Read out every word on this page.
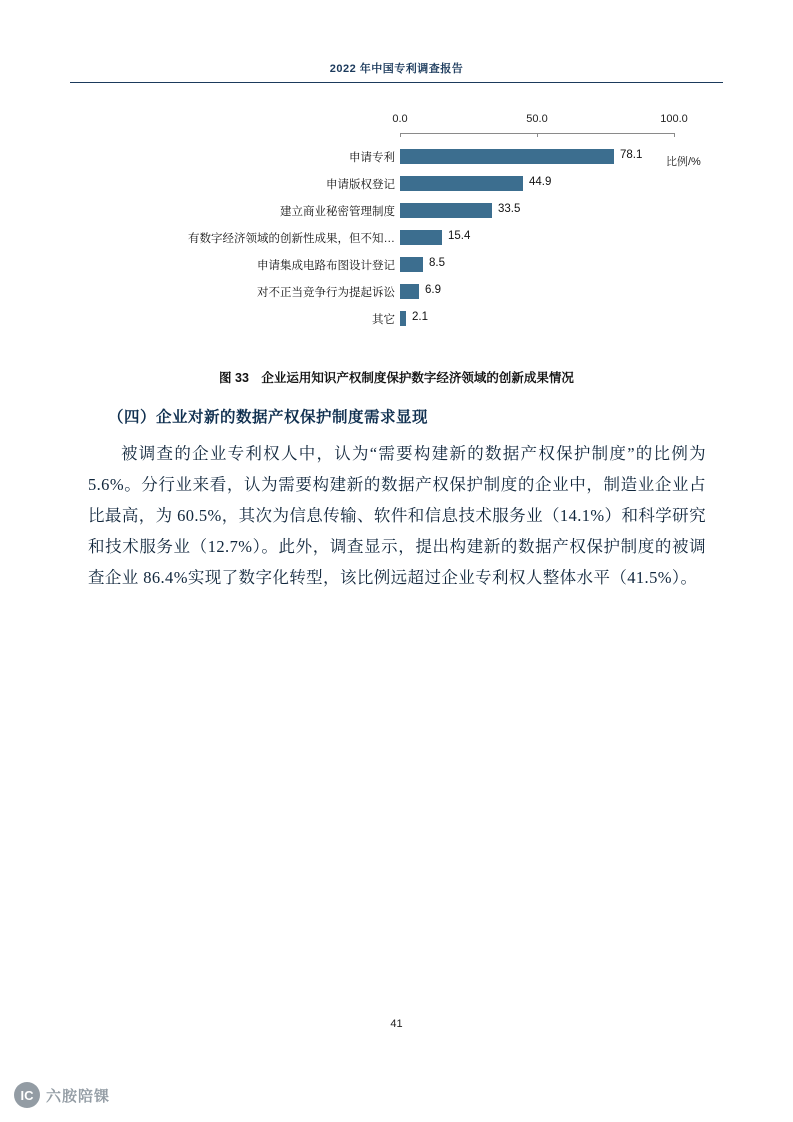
2022 年中国专利调查报告
0.0	50.0	100.0
比例/%
申请专利	78.1
申请版权登记	44.9
建立商业秘密管理制度	33.5
有数字经济领域的创新性成果，但不知…	15.4
申请集成电路布图设计登记	8.5
对不正当竞争行为提起诉讼	6.9
其它 2.1
图 33　企业运用知识产权制度保护数字经济领域的创新成果情况
（四）企业对新的数据产权保护制度需求显现
被调查的企业专利权人中，认为“需要构建新的数据产权保护制度”的比例为 5.6%。分行业来看，认为需要构建新的数据产权保护制度的企业中，制造业企业占比最高，为 60.5%，其次为信息传输、软件和信息技术服务业（14.1%）和科学研究和技术服务业（12.7%）。此外，调查显示，提出构建新的数据产权保护制度的被调查企业 86.4%实现了数字化转型，该比例远超过企业专利权人整体水平（41.5%）。
41
IC 六胺陪锞
